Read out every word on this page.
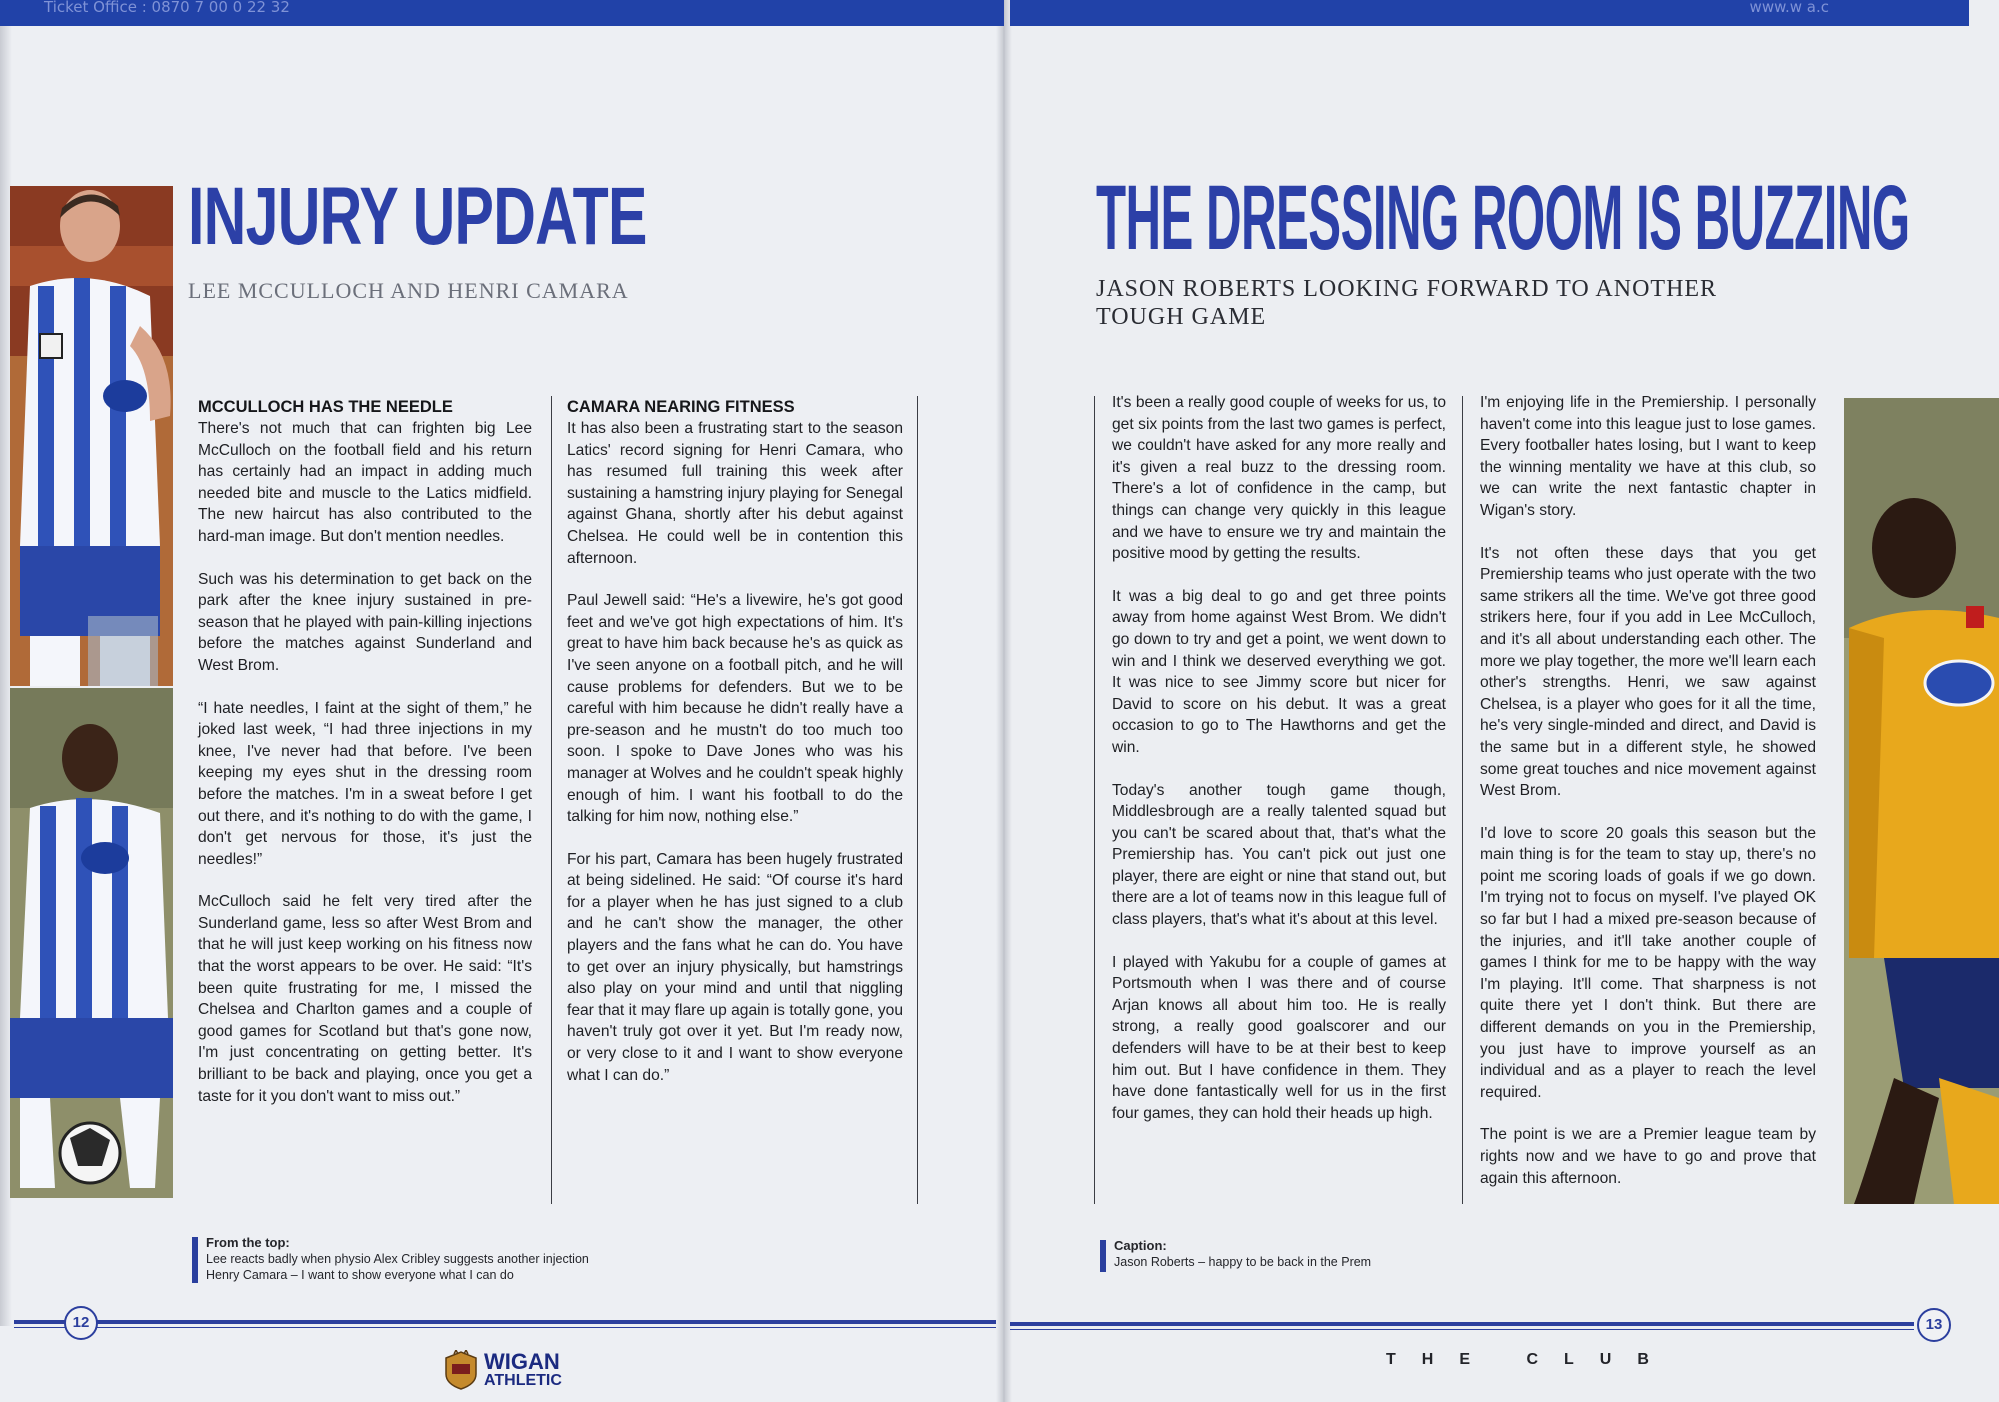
Ticket Office : 0870 7 00 0 22 32	www.w a.c
INJURY UPDATE
LEE MCCULLOCH AND HENRI CAMARA
MCCULLOCH HAS THE NEEDLE

There's not much that can frighten big Lee McCulloch on the football field and his return has certainly had an impact in adding much needed bite and muscle to the Latics midfield. The new haircut has also contributed to the hard-man image. But don't mention needles.

Such was his determination to get back on the park after the knee injury sustained in pre-season that he played with pain-killing injections before the matches against Sunderland and West Brom.

“I hate needles, I faint at the sight of them,” he joked last week, “I had three injections in my knee, I've never had that before. I've been keeping my eyes shut in the dressing room before the matches. I'm in a sweat before I get out there, and it's nothing to do with the game, I don't get nervous for those, it's just the needles!”

McCulloch said he felt very tired after the Sunderland game, less so after West Brom and that he will just keep working on his fitness now that the worst appears to be over. He said: “It's been quite frustrating for me, I missed the Chelsea and Charlton games and a couple of good games for Scotland but that's gone now, I'm just concentrating on getting better. It's brilliant to be back and playing, once you get a taste for it you don't want to miss out.”

CAMARA NEARING FITNESS

It has also been a frustrating start to the season Latics' record signing for Henri Camara, who has resumed full training this week after sustaining a hamstring injury playing for Senegal against Ghana, shortly after his debut against Chelsea. He could well be in contention this afternoon.

Paul Jewell said: “He's a livewire, he's got good feet and we've got high expectations of him. It's great to have him back because he's as quick as I've seen anyone on a football pitch, and he will cause problems for defenders. But we to be careful with him because he didn't really have a pre-season and he mustn't do too much too soon. I spoke to Dave Jones who was his manager at Wolves and he couldn't speak highly enough of him. I want his football to do the talking for him now, nothing else.”

For his part, Camara has been hugely frustrated at being sidelined. He said: “Of course it's hard for a player when he has just signed to a club and he can't show the manager, the other players and the fans what he can do. You have to get over an injury physically, but hamstrings also play on your mind and until that niggling fear that it may flare up again is totally gone, you haven't truly got over it yet. But I'm ready now, or very close to it and I want to show everyone what I can do.”

From the top:
Lee reacts badly when physio Alex Cribley suggests another injection
Henry Camara – I want to show everyone what I can do
THE DRESSING ROOM IS BUZZING
JASON ROBERTS LOOKING FORWARD TO ANOTHER
TOUGH GAME

It's been a really good couple of weeks for us, to get six points from the last two games is perfect, we couldn't have asked for any more really and it's given a real buzz to the dressing room. There's a lot of confidence in the camp, but things can change very quickly in this league and we have to ensure we try and maintain the positive mood by getting the results.

It was a big deal to go and get three points away from home against West Brom. We didn't go down to try and get a point, we went down to win and I think we deserved everything we got. It was nice to see Jimmy score but nicer for David to score on his debut. It was a great occasion to go to The Hawthorns and get the win.

Today's another tough game though, Middlesbrough are a really talented squad but you can't be scared about that, that's what the Premiership has. You can't pick out just one player, there are eight or nine that stand out, but there are a lot of teams now in this league full of class players, that's what it's about at this level.

I played with Yakubu for a couple of games at Portsmouth when I was there and of course Arjan knows all about him too. He is really strong, a really good goalscorer and our defenders will have to be at their best to keep him out. But I have confidence in them. They have done fantastically well for us in the first four games, they can hold their heads up high.

I'm enjoying life in the Premiership. I personally haven't come into this league just to lose games. Every footballer hates losing, but I want to keep the winning mentality we have at this club, so we can write the next fantastic chapter in Wigan's story.

It's not often these days that you get Premiership teams who just operate with the two same strikers all the time. We've got three good strikers here, four if you add in Lee McCulloch, and it's all about understanding each other. The more we play together, the more we'll learn each other's strengths. Henri, we saw against Chelsea, is a player who goes for it all the time, he's very single-minded and direct, and David is the same but in a different style, he showed some great touches and nice movement against West Brom.

I'd love to score 20 goals this season but the main thing is for the team to stay up, there's no point me scoring loads of goals if we go down. I'm trying not to focus on myself. I've played OK so far but I had a mixed pre-season because of the injuries, and it'll take another couple of games I think for me to be happy with the way I'm playing. It'll come. That sharpness is not quite there yet I don't think. But there are different demands on you in the Premiership, you just have to improve yourself as an individual and as a player to reach the level required.

The point is we are a Premier league team by rights now and we have to go and prove that again this afternoon.

Caption:
Jason Roberts – happy to be back in the Prem
12	13
WIGAN
ATHLETIC
THE CLUB
